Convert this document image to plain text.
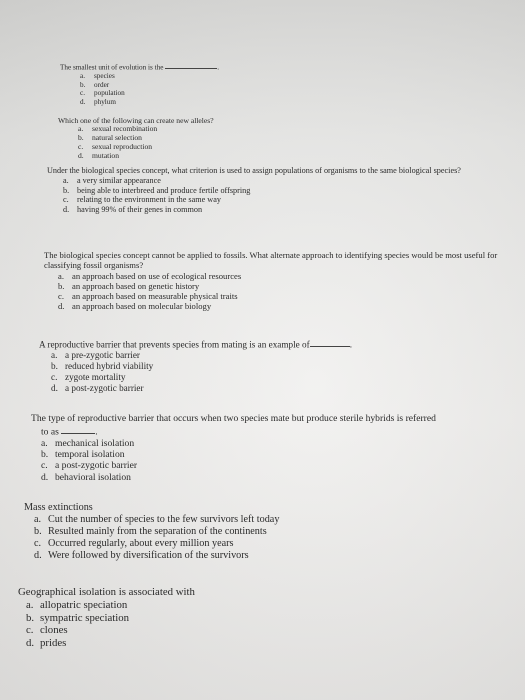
The smallest unit of evolution is the	.
a. species
b. order
c. population
d. phylum
Which one of the following can create new alleles?
a. sexual recombination
b. natural selection
c. sexual reproduction
d. mutation
Under the biological species concept, what criterion is used to assign populations of organisms to the same biological species?
a. a very similar appearance
b. being able to interbreed and produce fertile offspring
c. relating to the environment in the same way
d. having 99% of their genes in common
The biological species concept cannot be applied to fossils. What alternate approach to identifying species would be most useful for classifying fossil organisms?
a. an approach based on use of ecological resources
b. an approach based on genetic history
c. an approach based on measurable physical traits
d. an approach based on molecular biology
A reproductive barrier that prevents species from mating is an example of	.
a. a pre-zygotic barrier
b. reduced hybrid viability
c. zygote mortality
d. a post-zygotic barrier
The type of reproductive barrier that occurs when two species mate but produce sterile hybrids is referred
to as	.
a. mechanical isolation
b. temporal isolation
c. a post-zygotic barrier
d. behavioral isolation
Mass extinctions
a. Cut the number of species to the few survivors left today
b. Resulted mainly from the separation of the continents
c. Occurred regularly, about every million years
d. Were followed by diversification of the survivors
Geographical isolation is associated with
a. allopatric speciation
b. sympatric speciation
c. clones
d. prides
